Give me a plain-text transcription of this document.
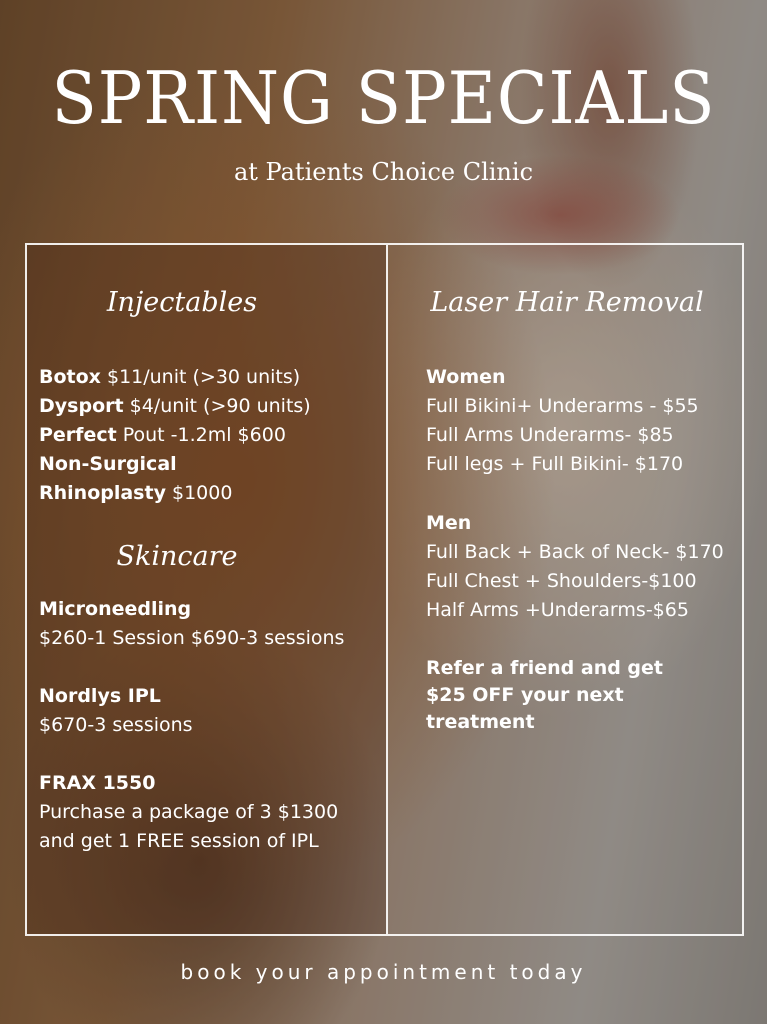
SPRING SPECIALS
at Patients Choice Clinic
Injectables
Botox $11/unit (>30 units)
Dysport $4/unit (>90 units)
Perfect Pout -1.2ml $600
Non-Surgical
Rhinoplasty $1000
Skincare
Microneedling
$260-1 Session $690-3 sessions
Nordlys IPL
$670-3 sessions
FRAX 1550
Purchase a package of 3 $1300
and get 1 FREE session of IPL
Laser Hair Removal
Women
Full Bikini+ Underarms - $55
Full Arms Underarms- $85
Full legs + Full Bikini- $170
Men
Full Back + Back of Neck- $170
Full Chest + Shoulders-$100
Half Arms +Underarms-$65
Refer a friend and get
$25 OFF your next
treatment
book your appointment today
